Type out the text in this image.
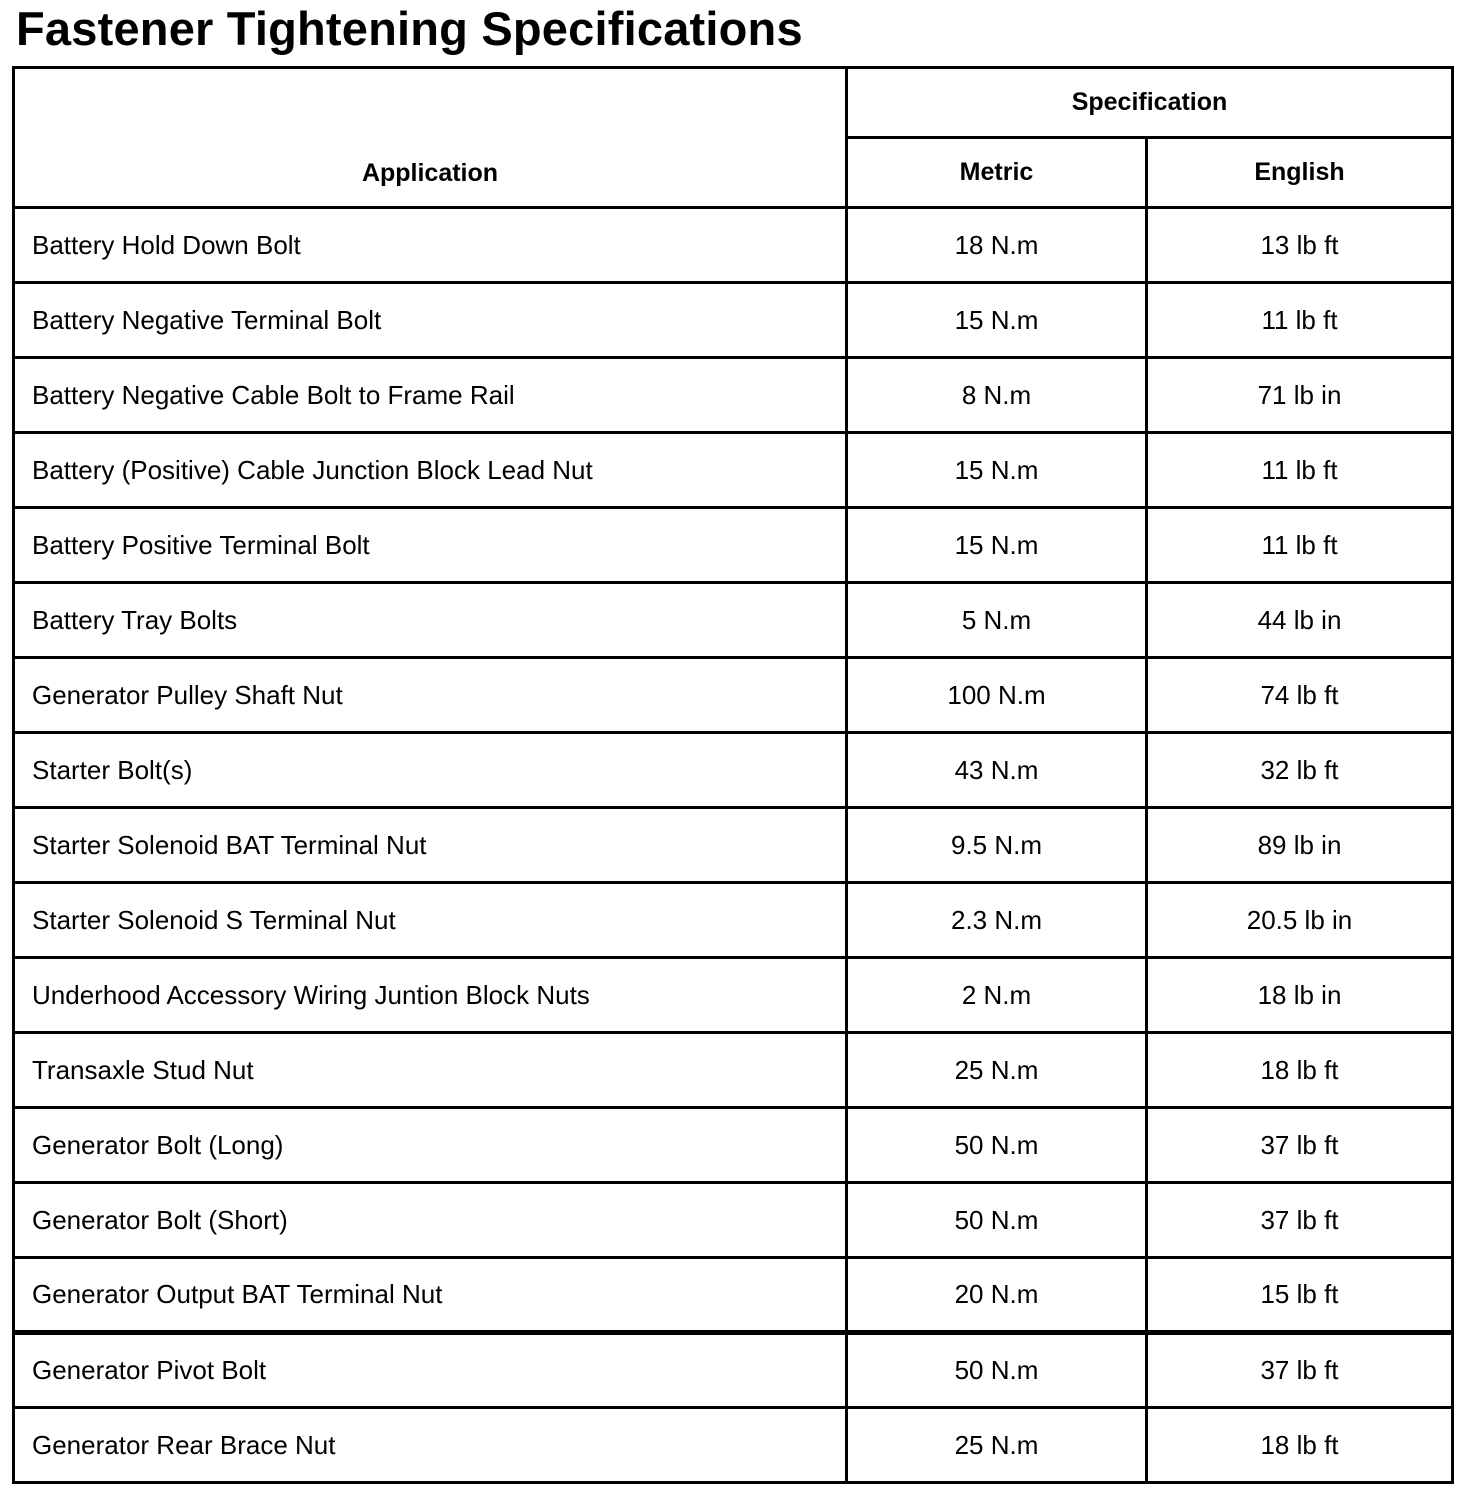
Fastener Tightening Specifications
Application	Specification	
	Metric	English
Battery Hold Down Bolt	18 N.m	13 lb ft
Battery Negative Terminal Bolt	15 N.m	11 lb ft
Battery Negative Cable Bolt to Frame Rail	8 N.m	71 lb in
Battery (Positive) Cable Junction Block Lead Nut	15 N.m	11 lb ft
Battery Positive Terminal Bolt	15 N.m	11 lb ft
Battery Tray Bolts	5 N.m	44 lb in
Generator Pulley Shaft Nut	100 N.m	74 lb ft
Starter Bolt(s)	43 N.m	32 lb ft
Starter Solenoid BAT Terminal Nut	9.5 N.m	89 lb in
Starter Solenoid S Terminal Nut	2.3 N.m	20.5 lb in
Underhood Accessory Wiring Juntion Block Nuts	2 N.m	18 lb in
Transaxle Stud Nut	25 N.m	18 lb ft
Generator Bolt (Long)	50 N.m	37 lb ft
Generator Bolt (Short)	50 N.m	37 lb ft
Generator Output BAT Terminal Nut	20 N.m	15 lb ft
Generator Pivot Bolt	50 N.m	37 lb ft
Generator Rear Brace Nut	25 N.m	18 lb ft
